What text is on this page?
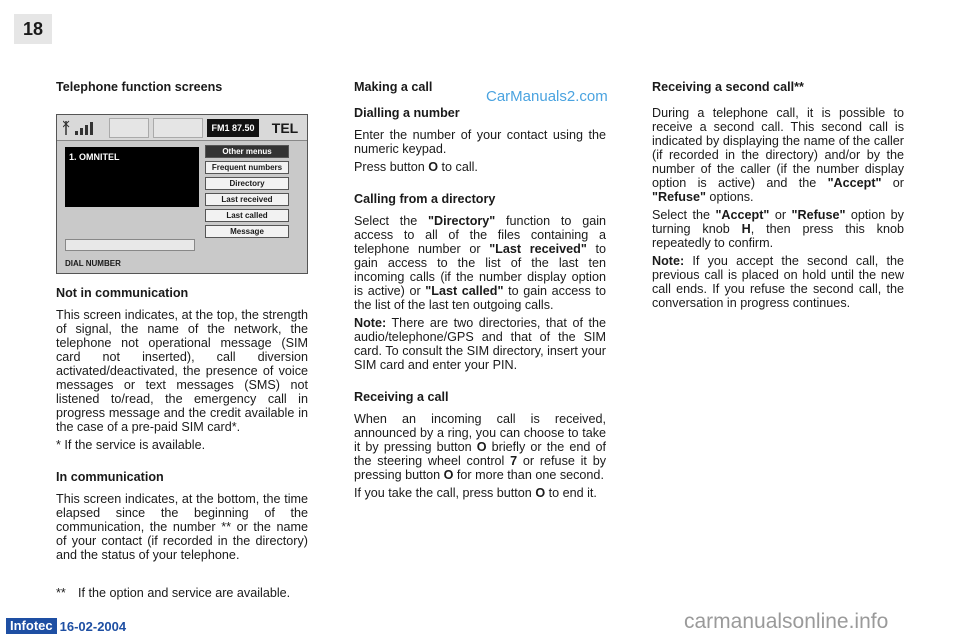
18
CarManuals2.com
Telephone function screens
FM1 87.50	TEL
1. OMNITEL
Other menus
Frequent numbers
Directory
Last received
Last called
Message
DIAL NUMBER
Not in communication
This screen indicates, at the top, the strength of signal, the name of the network, the telephone not operational message (SIM card not inserted), call diversion activated/deactivated, the presence of voice messages or text messages (SMS) not listened to/read, the emergency call in progress message and the credit available in the case of a pre-paid SIM card*.
* If the service is available.
In communication
This screen indicates, at the bottom, the time elapsed since the beginning of the communication, the number ** or the name of your contact (if recorded in the directory) and the status of your telephone.
** If the option and service are available.
Making a call
Dialling a number
Enter the number of your contact using the numeric keypad.
Press button O to call.
Calling from a directory
Select the "Directory" function to gain access to all of the files containing a telephone number or "Last received" to gain access to the list of the last ten incoming calls (if the number display option is active) or "Last called" to gain access to the list of the last ten outgoing calls.
Note: There are two directories, that of the audio/telephone/GPS and that of the SIM card. To consult the SIM directory, insert your SIM card and enter your PIN.
Receiving a call
When an incoming call is received, announced by a ring, you can choose to take it by pressing button O briefly or the end of the steering wheel control 7 or refuse it by pressing button O for more than one second.
If you take the call, press button O to end it.
Receiving a second call**
During a telephone call, it is possible to receive a second call. This second call is indicated by displaying the name of the caller (if recorded in the directory) and/or by the number of the caller (if the number display option is active) and the "Accept" or "Refuse" options.
Select the "Accept" or "Refuse" option by turning knob H, then press this knob repeatedly to confirm.
Note: If you accept the second call, the previous call is placed on hold until the new call ends. If you refuse the second call, the conversation in progress continues.
Infotec 16-02-2004	carmanualsonline.info
